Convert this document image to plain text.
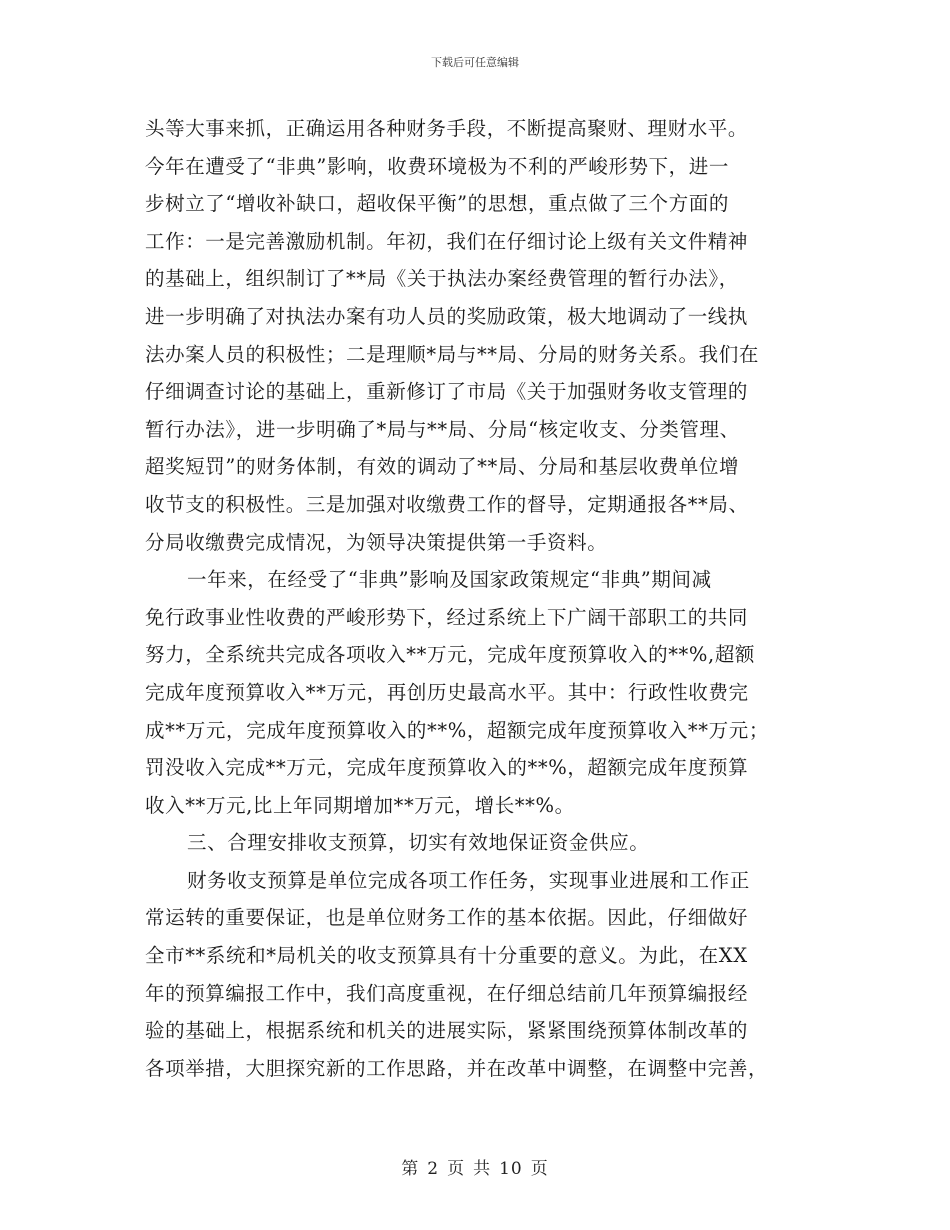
下载后可任意编辑
头等大事来抓，正确运用各种财务手段，不断提高聚财、理财水平。
今年在遭受了“非典”影响，收费环境极为不利的严峻形势下，进一
步树立了“增收补缺口，超收保平衡”的思想，重点做了三个方面的
工作：一是完善激励机制。年初，我们在仔细讨论上级有关文件精神
的基础上，组织制订了**局《关于执法办案经费管理的暂行办法》，
进一步明确了对执法办案有功人员的奖励政策，极大地调动了一线执
法办案人员的积极性；二是理顺*局与**局、分局的财务关系。我们在
仔细调查讨论的基础上，重新修订了市局《关于加强财务收支管理的
暂行办法》，进一步明确了*局与**局、分局“核定收支、分类管理、
超奖短罚”的财务体制，有效的调动了**局、分局和基层收费单位增
收节支的积极性。三是加强对收缴费工作的督导，定期通报各**局、
分局收缴费完成情况，为领导决策提供第一手资料。
一年来，在经受了“非典”影响及国家政策规定“非典”期间减
免行政事业性收费的严峻形势下，经过系统上下广阔干部职工的共同
努力，全系统共完成各项收入**万元，完成年度预算收入的**%,超额
完成年度预算收入**万元，再创历史最高水平。其中：行政性收费完
成**万元，完成年度预算收入的**%，超额完成年度预算收入**万元；
罚没收入完成**万元，完成年度预算收入的**%，超额完成年度预算
收入**万元,比上年同期增加**万元，增长**%。
三、合理安排收支预算，切实有效地保证资金供应。
财务收支预算是单位完成各项工作任务，实现事业进展和工作正
常运转的重要保证，也是单位财务工作的基本依据。因此，仔细做好
全市**系统和*局机关的收支预算具有十分重要的意义。为此，在XX
年的预算编报工作中，我们高度重视，在仔细总结前几年预算编报经
验的基础上，根据系统和机关的进展实际，紧紧围绕预算体制改革的
各项举措，大胆探究新的工作思路，并在改革中调整，在调整中完善，
第 2 页 共 10 页
